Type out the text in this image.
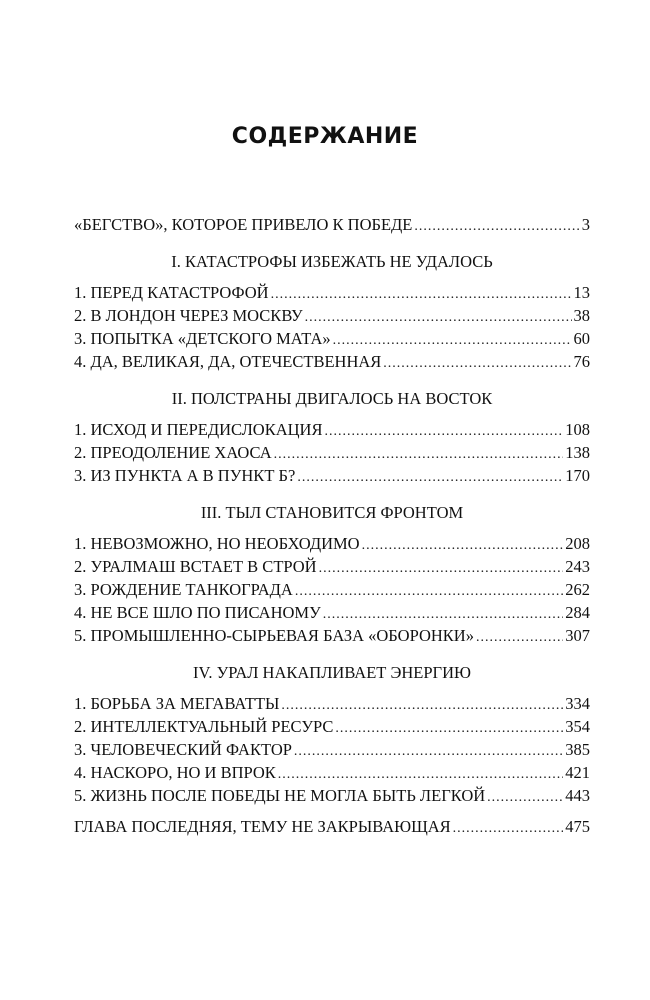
СОДЕРЖАНИЕ
«БЕГСТВО», КОТОРОЕ ПРИВЕЛО К ПОБЕДЕ .....	3
I. КАТАСТРОФЫ ИЗБЕЖАТЬ НЕ УДАЛОСЬ
1. ПЕРЕД КАТАСТРОФОЙ .....	13
2. В ЛОНДОН ЧЕРЕЗ МОСКВУ .....	38
3. ПОПЫТКА «ДЕТСКОГО МАТА» .....	60
4. ДА, ВЕЛИКАЯ, ДА, ОТЕЧЕСТВЕННАЯ .....	76
II. ПОЛСТРАНЫ ДВИГАЛОСЬ НА ВОСТОК
1. ИСХОД И ПЕРЕДИСЛОКАЦИЯ .....	108
2. ПРЕОДОЛЕНИЕ ХАОСА .....	138
3. ИЗ ПУНКТА А В ПУНКТ Б? .....	170
III. ТЫЛ СТАНОВИТСЯ ФРОНТОМ
1. НЕВОЗМОЖНО, НО НЕОБХОДИМО .....	208
2. УРАЛМАШ ВСТАЕТ В СТРОЙ .....	243
3. РОЖДЕНИЕ ТАНКОГРАДА .....	262
4. НЕ ВСЕ ШЛО ПО ПИСАНОМУ .....	284
5. ПРОМЫШЛЕННО-СЫРЬЕВАЯ БАЗА «ОБОРОНКИ» .....	307
IV. УРАЛ НАКАПЛИВАЕТ ЭНЕРГИЮ
1. БОРЬБА ЗА МЕГАВАТТЫ .....	334
2. ИНТЕЛЛЕКТУАЛЬНЫЙ РЕСУРС .....	354
3. ЧЕЛОВЕЧЕСКИЙ ФАКТОР .....	385
4. НАСКОРО, НО И ВПРОК .....	421
5. ЖИЗНЬ ПОСЛЕ ПОБЕДЫ НЕ МОГЛА БЫТЬ ЛЕГКОЙ .....	443
ГЛАВА ПОСЛЕДНЯЯ, ТЕМУ НЕ ЗАКРЫВАЮЩАЯ .....	475
